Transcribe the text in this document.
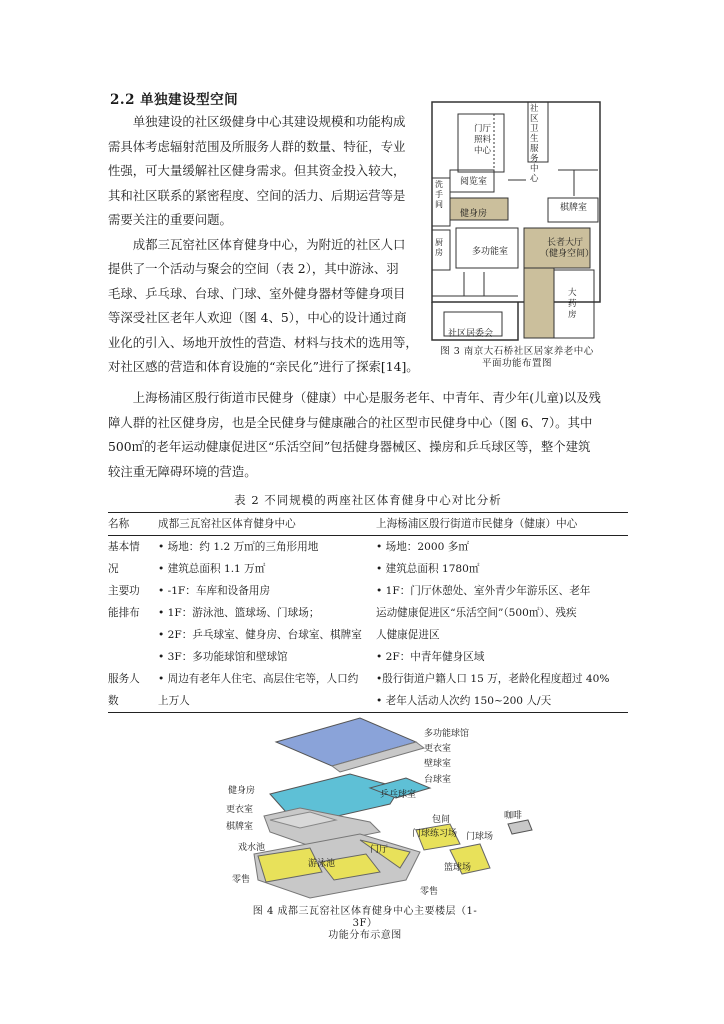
2.2 单独建设型空间
单独建设的社区级健身中心其建设规模和功能构成
需具体考虑辐射范围及所服务人群的数量、特征，专业
性强，可大量缓解社区健身需求。但其资金投入较大，
其和社区联系的紧密程度、空间的活力、后期运营等是
需要关注的重要问题。
成都三瓦窑社区体育健身中心，为附近的社区人口
提供了一个活动与聚会的空间（表 2），其中游泳、羽
毛球、乒乓球、台球、门球、室外健身器材等健身项目
等深受社区老年人欢迎（图 4、5），中心的设计通过商
业化的引入、场地开放性的营造、材料与技术的选用等，
对社区感的营造和体育设施的“亲民化”进行了探索[14]。
社区卫生服务中心
门厅照料中心
阅览室
洗手间
健身房
棋牌室
厨房	多功能室
长者大厅（健身空间）
大药房
社区居委会
图 3 南京大石桥社区居家养老中心
平面功能布置图
上海杨浦区殷行街道市民健身（健康）中心是服务老年、中青年、青少年(儿童)以及残
障人群的社区健身房，也是全民健身与健康融合的社区型市民健身中心（图 6、7）。其中
500㎡的老年运动健康促进区“乐活空间”包括健身器械区、操房和乒乓球区等，整个建筑
较注重无障碍环境的营造。
表 2 不同规模的两座社区体育健身中心对比分析
名称	成都三瓦窑社区体育健身中心	上海杨浦区殷行街道市民健身（健康）中心
基本情	• 场地：约 1.2 万㎡的三角形用地	• 场地：2000 多㎡
况	• 建筑总面积 1.1 万㎡	• 建筑总面积 1780㎡
主要功	• -1F：车库和设备用房	• 1F：门厅休憩处、室外青少年游乐区、老年
能排布	• 1F：游泳池、篮球场、门球场；	运动健康促进区“乐活空间”（500㎡）、残疾
	• 2F：乒乓球室、健身房、台球室、棋牌室	人健康促进区
	• 3F：多功能球馆和壁球馆	• 2F：中青年健身区域
服务人	• 周边有老年人住宅、高层住宅等，人口约	•殷行街道户籍人口 15 万，老龄化程度超过 40%
数	上万人	• 老年人活动人次约 150~200 人/天
多功能球馆
更衣室
壁球室
台球室
健身房	乒乓球室
更衣室
棋牌室
包间
门球练习场
咖啡
门球场
戏水池
游泳池
门厅
篮球场
零售
零售
图 4 成都三瓦窑社区体育健身中心主要楼层（1-3F）
功能分布示意图
